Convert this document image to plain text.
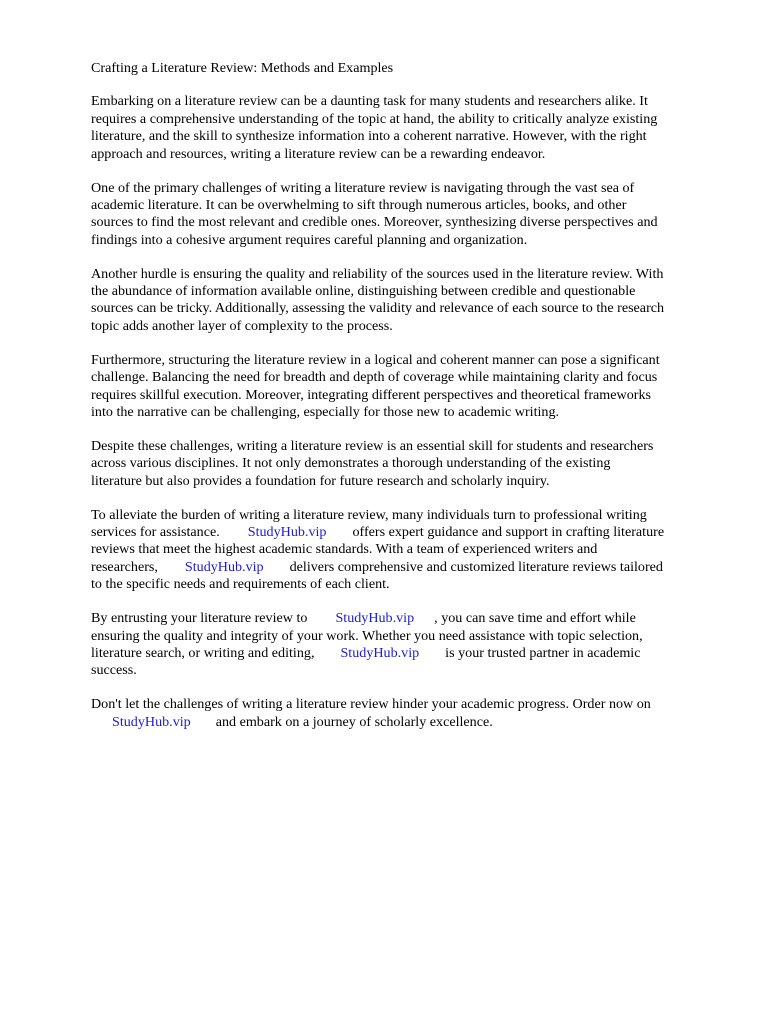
Crafting a Literature Review: Methods and Examples
Embarking on a literature review can be a daunting task for many students and researchers alike. It
requires a comprehensive understanding of the topic at hand, the ability to critically analyze existing
literature, and the skill to synthesize information into a coherent narrative. However, with the right
approach and resources, writing a literature review can be a rewarding endeavor.
One of the primary challenges of writing a literature review is navigating through the vast sea of
academic literature. It can be overwhelming to sift through numerous articles, books, and other
sources to find the most relevant and credible ones. Moreover, synthesizing diverse perspectives and
findings into a cohesive argument requires careful planning and organization.
Another hurdle is ensuring the quality and reliability of the sources used in the literature review. With
the abundance of information available online, distinguishing between credible and questionable
sources can be tricky. Additionally, assessing the validity and relevance of each source to the research
topic adds another layer of complexity to the process.
Furthermore, structuring the literature review in a logical and coherent manner can pose a significant
challenge. Balancing the need for breadth and depth of coverage while maintaining clarity and focus
requires skillful execution. Moreover, integrating different perspectives and theoretical frameworks
into the narrative can be challenging, especially for those new to academic writing.
Despite these challenges, writing a literature review is an essential skill for students and researchers
across various disciplines. It not only demonstrates a thorough understanding of the existing
literature but also provides a foundation for future research and scholarly inquiry.
To alleviate the burden of writing a literature review, many individuals turn to professional writing
services for assistance. StudyHub.vip offers expert guidance and support in crafting literature
reviews that meet the highest academic standards. With a team of experienced writers and
researchers, StudyHub.vip delivers comprehensive and customized literature reviews tailored
to the specific needs and requirements of each client.
By entrusting your literature review to StudyHub.vip , you can save time and effort while
ensuring the quality and integrity of your work. Whether you need assistance with topic selection,
literature search, or writing and editing, StudyHub.vip is your trusted partner in academic
success.
Don't let the challenges of writing a literature review hinder your academic progress. Order now on
StudyHub.vip and embark on a journey of scholarly excellence.
